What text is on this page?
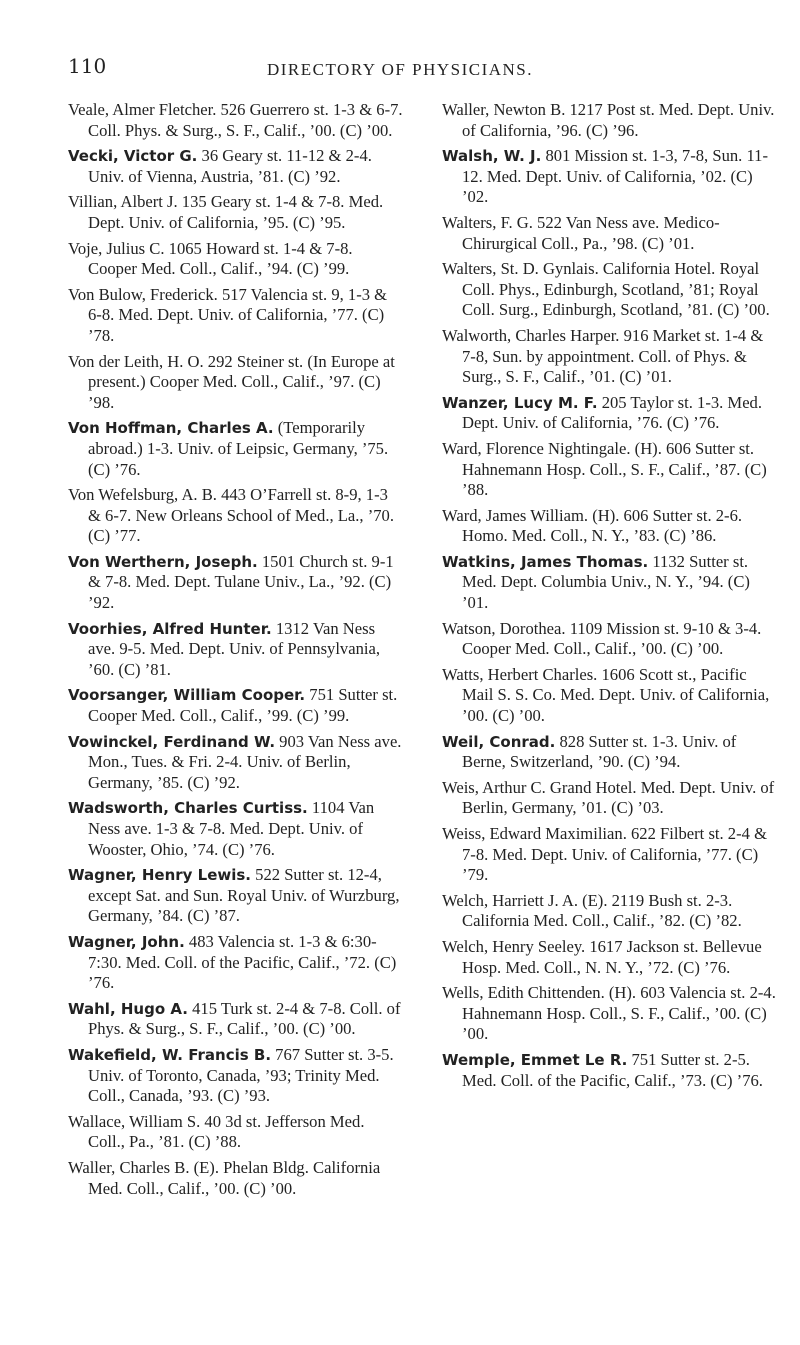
110	DIRECTORY OF PHYSICIANS.

Veale, Almer Fletcher. 526 Guerrero st. 1-3 & 6-7. Coll. Phys. & Surg., S. F., Calif., ’00. (C) ’00.

Vecki, Victor G. 36 Geary st. 11-12 & 2-4. Univ. of Vienna, Austria, ’81. (C) ’92.

Villian, Albert J. 135 Geary st. 1-4 & 7-8. Med. Dept. Univ. of California, ’95. (C) ’95.

Voje, Julius C. 1065 Howard st. 1-4 & 7-8. Cooper Med. Coll., Calif., ’94. (C) ’99.

Von Bulow, Frederick. 517 Valencia st. 9, 1-3 & 6-8. Med. Dept. Univ. of California, ’77. (C) ’78.

Von der Leith, H. O. 292 Steiner st. (In Europe at present.) Cooper Med. Coll., Calif., ’97. (C) ’98.

Von Hoffman, Charles A. (Temporarily abroad.) 1-3. Univ. of Leipsic, Germany, ’75. (C) ’76.

Von Wefelsburg, A. B. 443 O’Farrell st. 8-9, 1-3 & 6-7. New Orleans School of Med., La., ’70. (C) ’77.

Von Werthern, Joseph. 1501 Church st. 9-1 & 7-8. Med. Dept. Tulane Univ., La., ’92. (C) ’92.

Voorhies, Alfred Hunter. 1312 Van Ness ave. 9-5. Med. Dept. Univ. of Pennsylvania, ’60. (C) ’81.

Voorsanger, William Cooper. 751 Sutter st. Cooper Med. Coll., Calif., ’99. (C) ’99.

Vowinckel, Ferdinand W. 903 Van Ness ave. Mon., Tues. & Fri. 2-4. Univ. of Berlin, Germany, ’85. (C) ’92.

Wadsworth, Charles Curtiss. 1104 Van Ness ave. 1-3 & 7-8. Med. Dept. Univ. of Wooster, Ohio, ’74. (C) ’76.

Wagner, Henry Lewis. 522 Sutter st. 12-4, except Sat. and Sun. Royal Univ. of Wurzburg, Germany, ’84. (C) ’87.

Wagner, John. 483 Valencia st. 1-3 & 6:30-7:30. Med. Coll. of the Pacific, Calif., ’72. (C) ’76.

Wahl, Hugo A. 415 Turk st. 2-4 & 7-8. Coll. of Phys. & Surg., S. F., Calif., ’00. (C) ’00.

Wakefield, W. Francis B. 767 Sutter st. 3-5. Univ. of Toronto, Canada, ’93; Trinity Med. Coll., Canada, ’93. (C) ’93.

Wallace, William S. 40 3d st. Jefferson Med. Coll., Pa., ’81. (C) ’88.

Waller, Charles B. (E). Phelan Bldg. California Med. Coll., Calif., ’00. (C) ’00.

Waller, Newton B. 1217 Post st. Med. Dept. Univ. of California, ’96. (C) ’96.

Walsh, W. J. 801 Mission st. 1-3, 7-8, Sun. 11-12. Med. Dept. Univ. of California, ’02. (C) ’02.

Walters, F. G. 522 Van Ness ave. Medico-Chirurgical Coll., Pa., ’98. (C) ’01.

Walters, St. D. Gynlais. California Hotel. Royal Coll. Phys., Edinburgh, Scotland, ’81; Royal Coll. Surg., Edinburgh, Scotland, ’81. (C) ’00.

Walworth, Charles Harper. 916 Market st. 1-4 & 7-8, Sun. by appointment. Coll. of Phys. & Surg., S. F., Calif., ’01. (C) ’01.

Wanzer, Lucy M. F. 205 Taylor st. 1-3. Med. Dept. Univ. of California, ’76. (C) ’76.

Ward, Florence Nightingale. (H). 606 Sutter st. Hahnemann Hosp. Coll., S. F., Calif., ’87. (C) ’88.

Ward, James William. (H). 606 Sutter st. 2-6. Homo. Med. Coll., N. Y., ’83. (C) ’86.

Watkins, James Thomas. 1132 Sutter st. Med. Dept. Columbia Univ., N. Y., ’94. (C) ’01.

Watson, Dorothea. 1109 Mission st. 9-10 & 3-4. Cooper Med. Coll., Calif., ’00. (C) ’00.

Watts, Herbert Charles. 1606 Scott st., Pacific Mail S. S. Co. Med. Dept. Univ. of California, ’00. (C) ’00.

Weil, Conrad. 828 Sutter st. 1-3. Univ. of Berne, Switzerland, ’90. (C) ’94.

Weis, Arthur C. Grand Hotel. Med. Dept. Univ. of Berlin, Germany, ’01. (C) ’03.

Weiss, Edward Maximilian. 622 Filbert st. 2-4 & 7-8. Med. Dept. Univ. of California, ’77. (C) ’79.

Welch, Harriett J. A. (E). 2119 Bush st. 2-3. California Med. Coll., Calif., ’82. (C) ’82.

Welch, Henry Seeley. 1617 Jackson st. Bellevue Hosp. Med. Coll., N. N. Y., ’72. (C) ’76.

Wells, Edith Chittenden. (H). 603 Valencia st. 2-4. Hahnemann Hosp. Coll., S. F., Calif., ’00. (C) ’00.

Wemple, Emmet Le R. 751 Sutter st. 2-5. Med. Coll. of the Pacific, Calif., ’73. (C) ’76.
